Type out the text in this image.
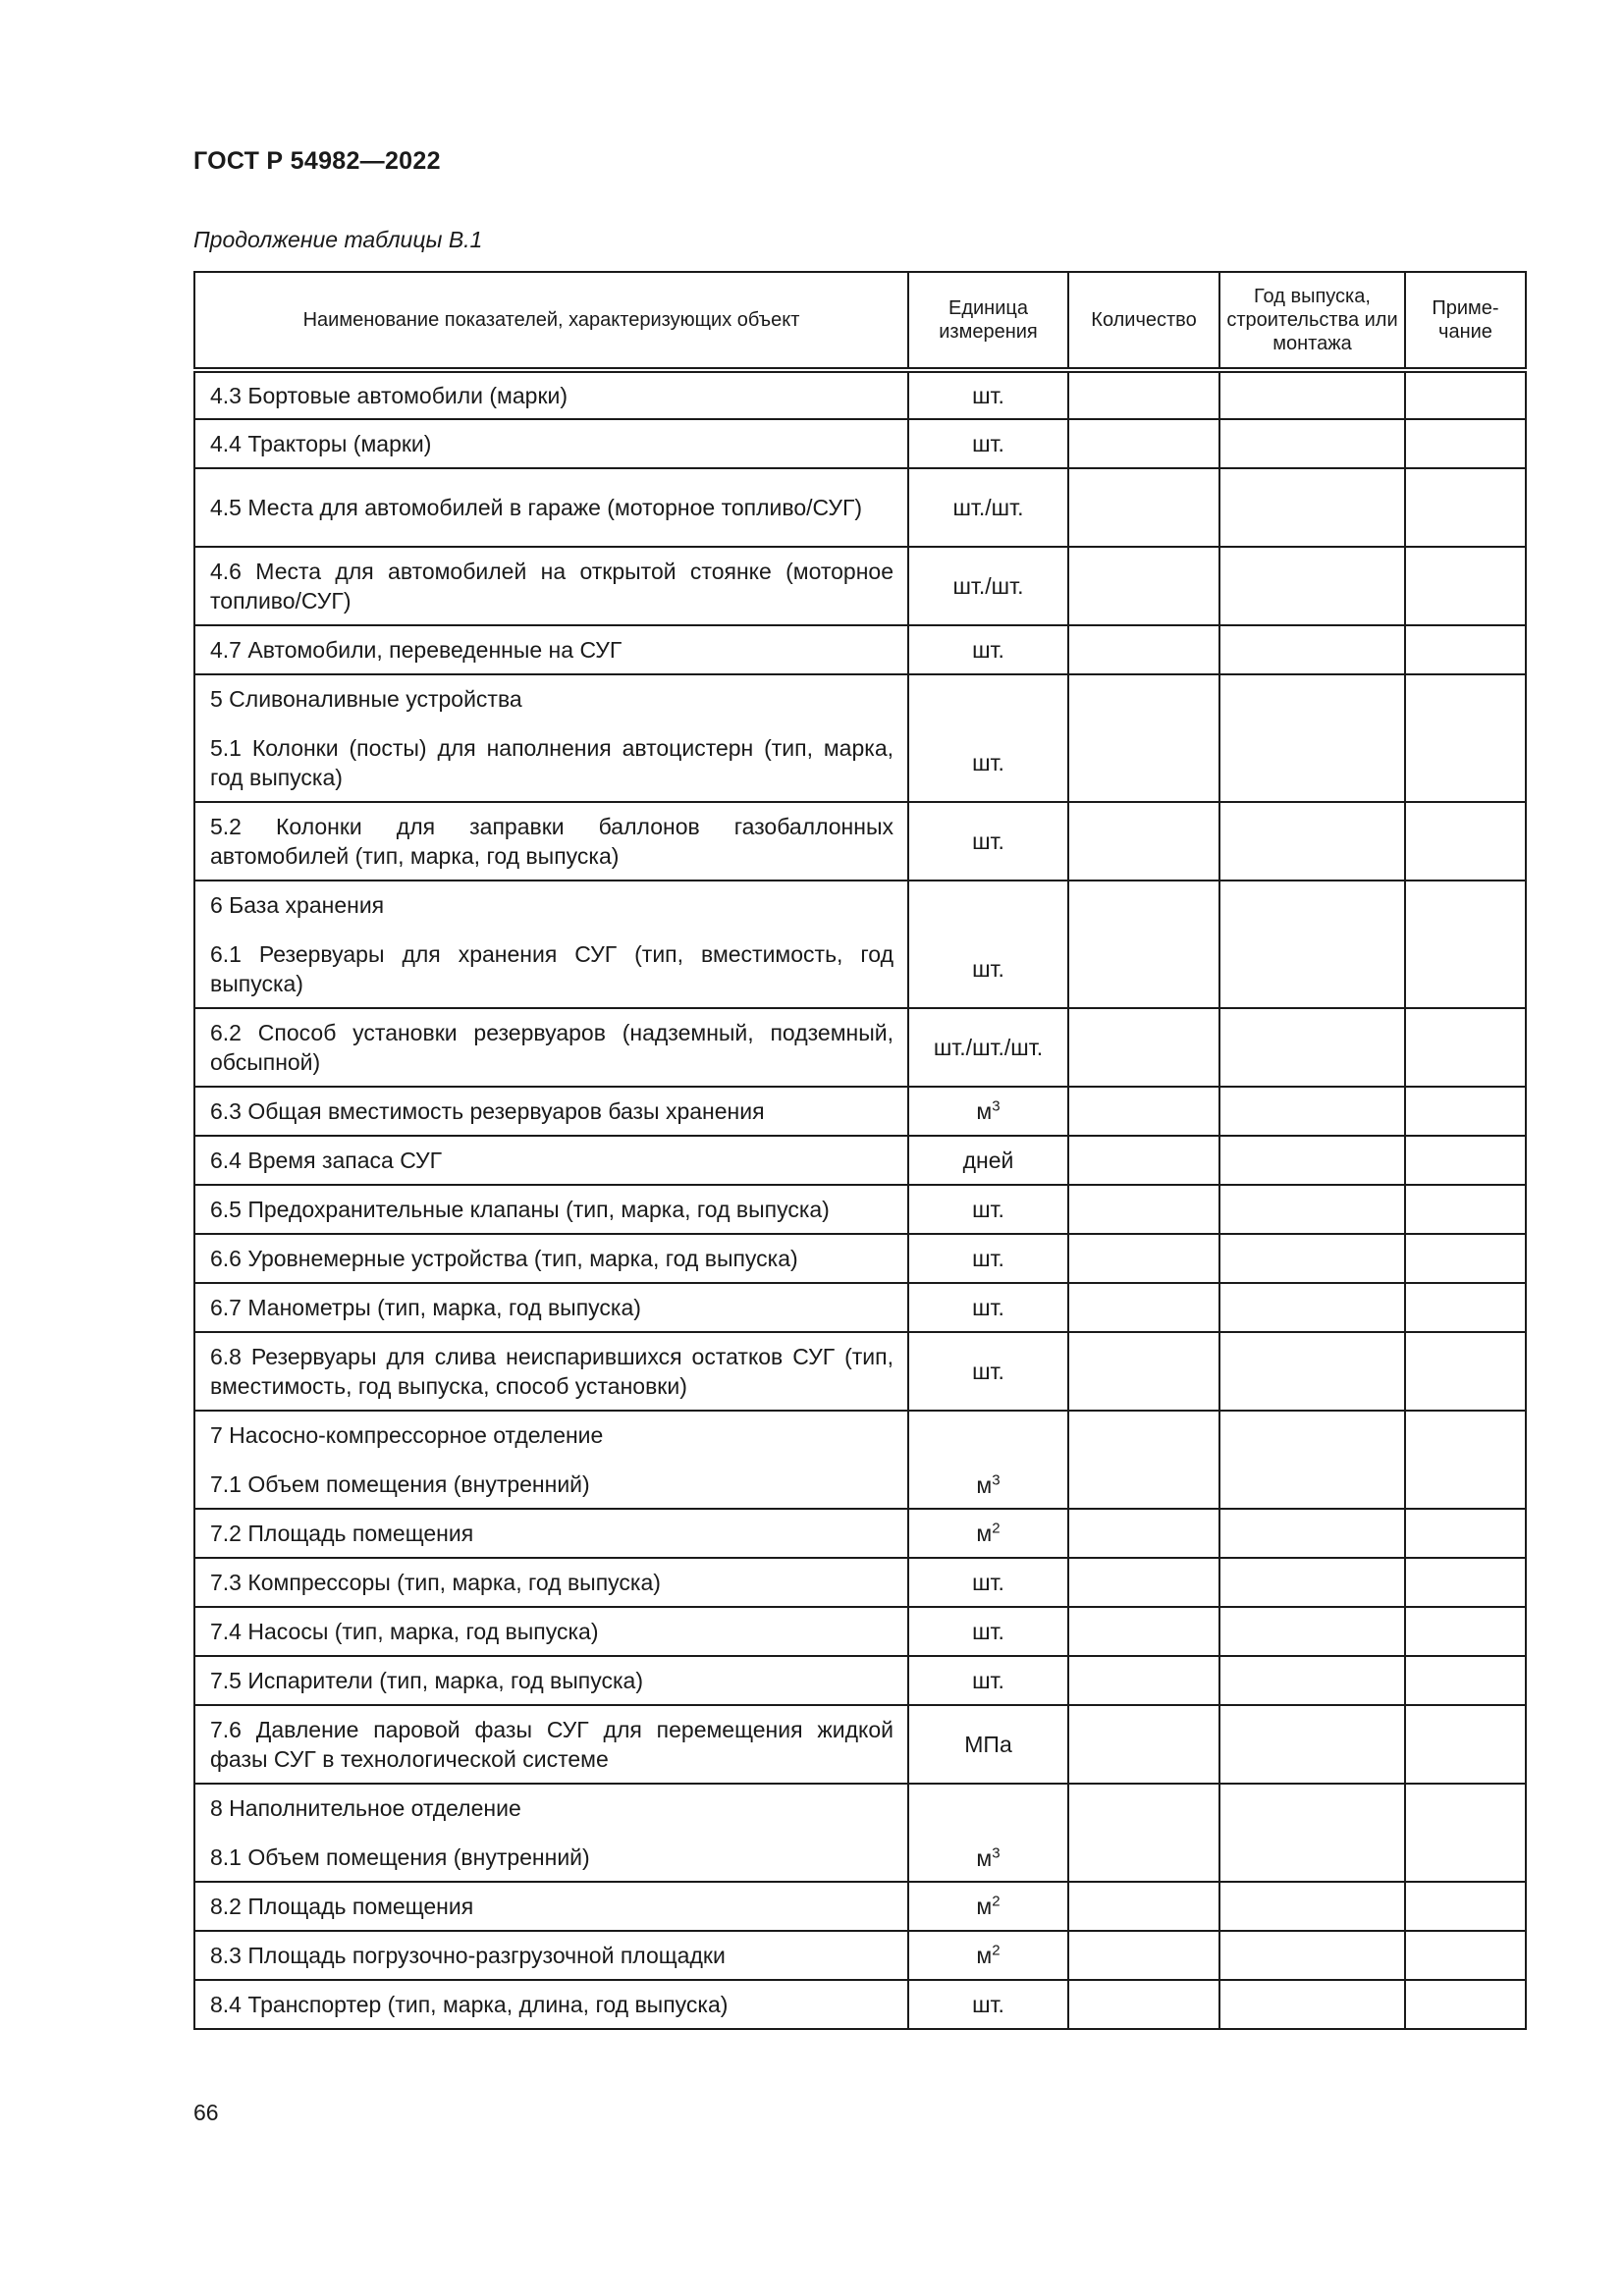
ГОСТ Р 54982—2022
Продолжение таблицы В.1
Наименование показателей, характеризующих объект	Единица измерения	Количество	Год выпуска, строительства или монтажа	Приме-чание
4.3 Бортовые автомобили (марки)	шт.			
4.4 Тракторы (марки)	шт.			
4.5 Места для автомобилей в гараже (моторное топливо/СУГ)	шт./шт.			
4.6 Места для автомобилей на открытой стоянке (моторное топливо/СУГ)	шт./шт.			
4.7 Автомобили, переведенные на СУГ	шт.			

5 Сливоналивные устройства
5.1 Колонки (посты) для наполнения автоцистерн (тип, марка, год выпуска)	шт.			
5.2 Колонки для заправки баллонов газобаллонных автомобилей (тип, марка, год выпуска)	шт.			

6 База хранения
6.1 Резервуары для хранения СУГ (тип, вместимость, год выпуска)	шт.			
6.2 Способ установки резервуаров (надземный, подземный, обсыпной)	шт./шт./шт.			
6.3 Общая вместимость резервуаров базы хранения	$м^3$			
6.4 Время запаса СУГ	дней			
6.5 Предохранительные клапаны (тип, марка, год выпуска)	шт.			
6.6 Уровнемерные устройства (тип, марка, год выпуска)	шт.			
6.7 Манометры (тип, марка, год выпуска)	шт.			
6.8 Резервуары для слива неиспарившихся остатков СУГ (тип, вместимость, год выпуска, способ установки)	шт.			

7 Насосно-компрессорное отделение
7.1 Объем помещения (внутренний)	$м^3$			
7.2 Площадь помещения	$м^2$			
7.3 Компрессоры (тип, марка, год выпуска)	шт.			
7.4 Насосы (тип, марка, год выпуска)	шт.			
7.5 Испарители (тип, марка, год выпуска)	шт.			
7.6 Давление паровой фазы СУГ для перемещения жидкой фазы СУГ в технологической системе	МПа			

8 Наполнительное отделение
8.1 Объем помещения (внутренний)	$м^3$			
8.2 Площадь помещения	$м^2$			
8.3 Площадь погрузочно-разгрузочной площадки	$м^2$			
8.4 Транспортер (тип, марка, длина, год выпуска)	шт.			
66
